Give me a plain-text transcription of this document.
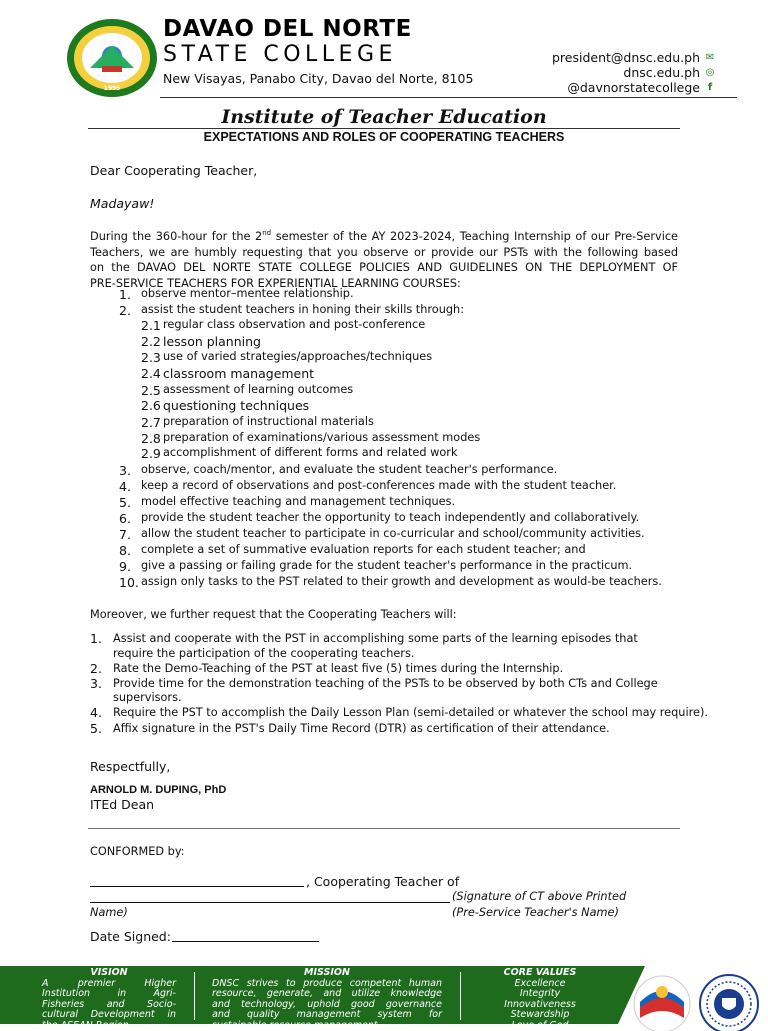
1995
DAVAO DEL NORTE
STATE COLLEGE
New Visayas, Panabo City, Davao del Norte, 8105
president@dnsc.edu.ph ✉
dnsc.edu.ph ◎
@davnorstatecollege f
Institute of Teacher Education
EXPECTATIONS AND ROLES OF COOPERATING TEACHERS
Dear Cooperating Teacher,
Madayaw!

During the 360-hour for the 2nd semester of the AY 2023-2024, Teaching Internship of our Pre-Service

Teachers, we are humbly requesting that you observe or provide our PSTs with the following based

on the DAVAO DEL NORTE STATE COLLEGE POLICIES AND GUIDELINES ON THE DEPLOYMENT OF

PRE-SERVICE TEACHERS FOR EXPERIENTIAL LEARNING COURSES:

1. observe mentor–mentee relationship.
2. assist the student teachers in honing their skills through:
2.1 regular class observation and post-conference
2.2 lesson planning
2.3 use of varied strategies/approaches/techniques
2.4 classroom management
2.5 assessment of learning outcomes
2.6 questioning techniques
2.7 preparation of instructional materials
2.8 preparation of examinations/various assessment modes
2.9 accomplishment of different forms and related work
3. observe, coach/mentor, and evaluate the student teacher's performance.
4. keep a record of observations and post-conferences made with the student teacher.
5. model effective teaching and management techniques.
6. provide the student teacher the opportunity to teach independently and collaboratively.
7. allow the student teacher to participate in co-curricular and school/community activities.
8. complete a set of summative evaluation reports for each student teacher; and
9. give a passing or failing grade for the student teacher's performance in the practicum.
10. assign only tasks to the PST related to their growth and development as would-be teachers.
Moreover, we further request that the Cooperating Teachers will:
1. Assist and cooperate with the PST in accomplishing some parts of the learning episodes that
require the participation of the cooperating teachers.
2. Rate the Demo-Teaching of the PST at least five (5) times during the Internship.
3. Provide time for the demonstration teaching of the PSTs to be observed by both CTs and College
supervisors.
4. Require the PST to accomplish the Daily Lesson Plan (semi-detailed or whatever the school may require).
5. Affix signature in the PST's Daily Time Record (DTR) as certification of their attendance.
Respectfully,
ARNOLD M. DUPING, PhD
ITEd Dean
CONFORMED by:
, Cooperating Teacher of
(Signature of CT above Printed
Name)	(Pre-Service Teacher's Name)
Date Signed:
VISION
A premier Higher
Institution in Agri-
Fisheries and Socio-
cultural Development in
the ASEAN Region.
MISSION
DNSC strives to produce competent human
resource, generate, and utilize knowledge
and technology, uphold good governance
and quality management system for
sustainable resource management.
CORE VALUES
Excellence
Integrity
Innovativeness
Stewardship
Love of God
